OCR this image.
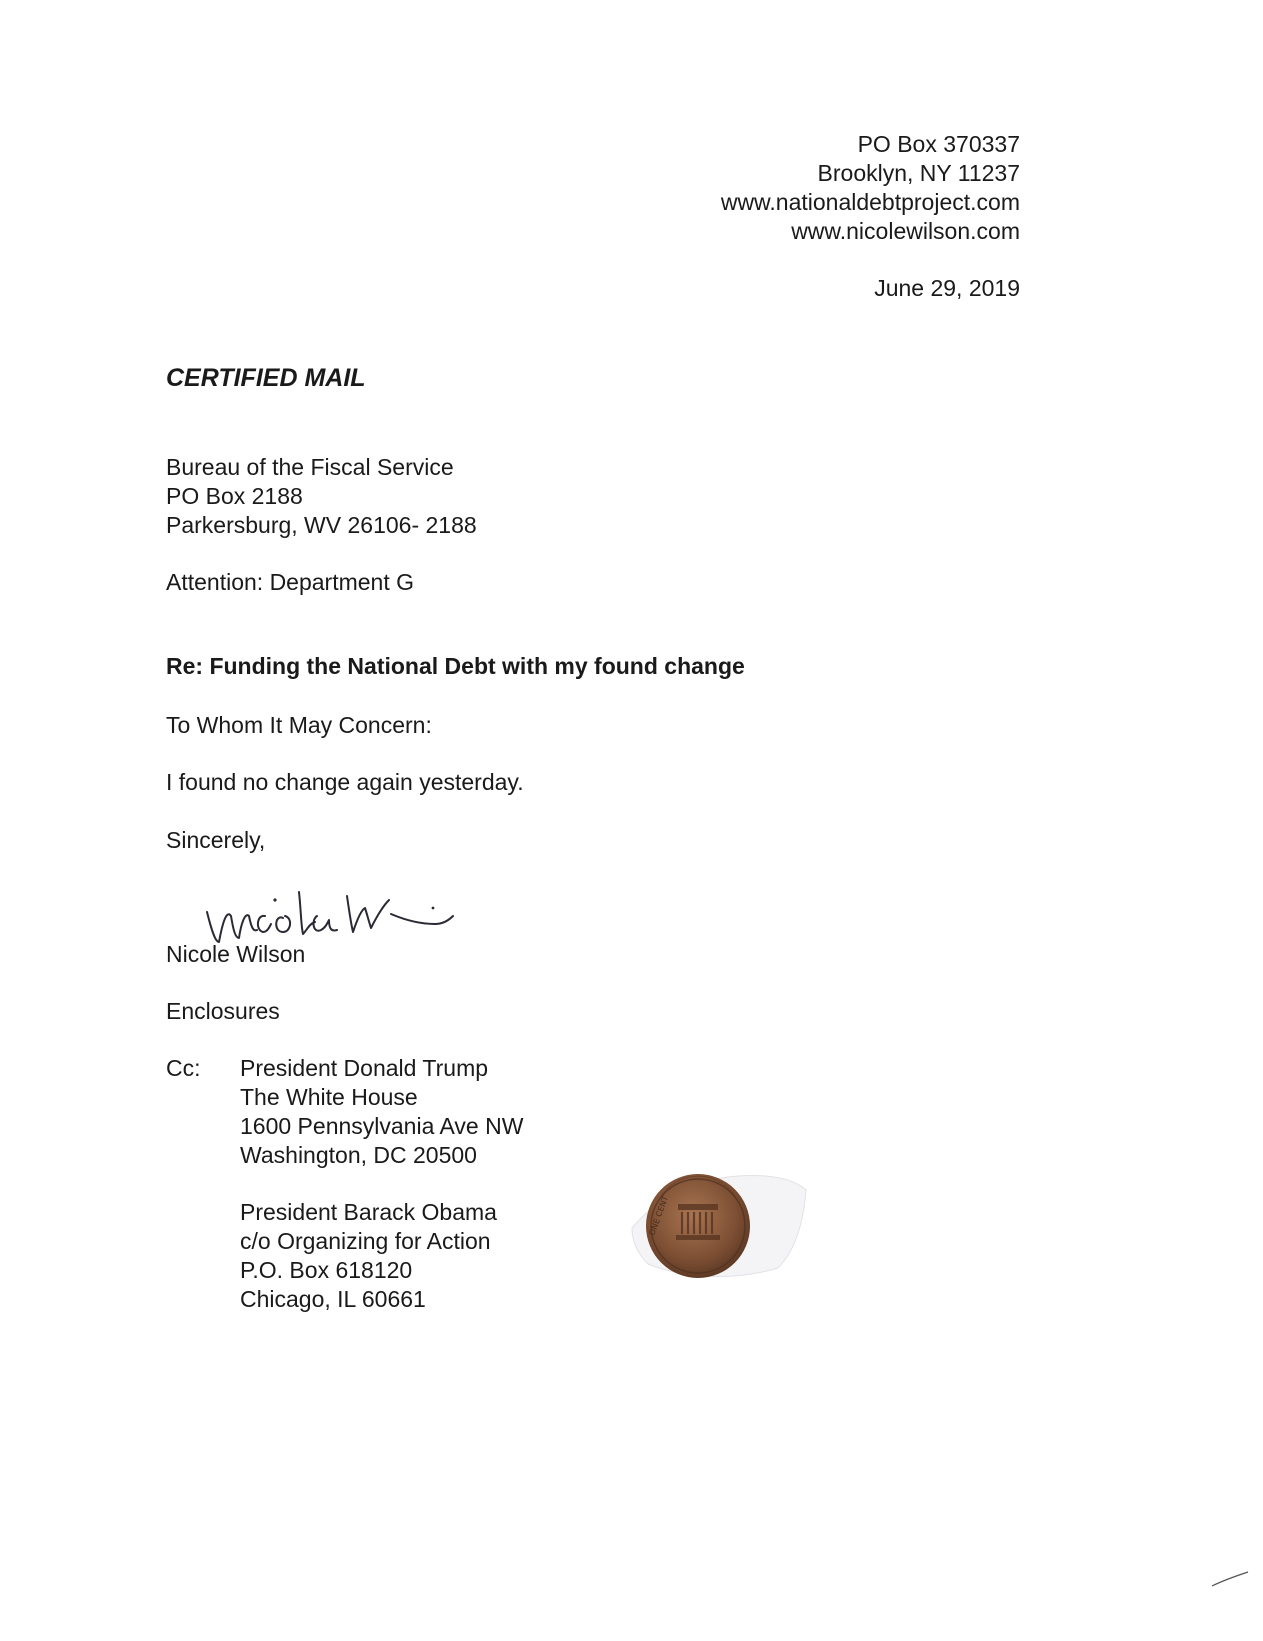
PO Box 370337
Brooklyn, NY 11237
www.nationaldebtproject.com
www.nicolewilson.com
June 29, 2019
CERTIFIED MAIL
Bureau of the Fiscal Service
PO Box 2188
Parkersburg, WV 26106- 2188
Attention: Department G
Re: Funding the National Debt with my found change
To Whom It May Concern:
I found no change again yesterday.
Sincerely,
Nicole Wilson
Enclosures
Cc: President Donald Trump
The White House
1600 Pennsylvania Ave NW
Washington, DC 20500
President Barack Obama
c/o Organizing for Action
P.O. Box 618120
Chicago, IL 60661
ONE CENT
